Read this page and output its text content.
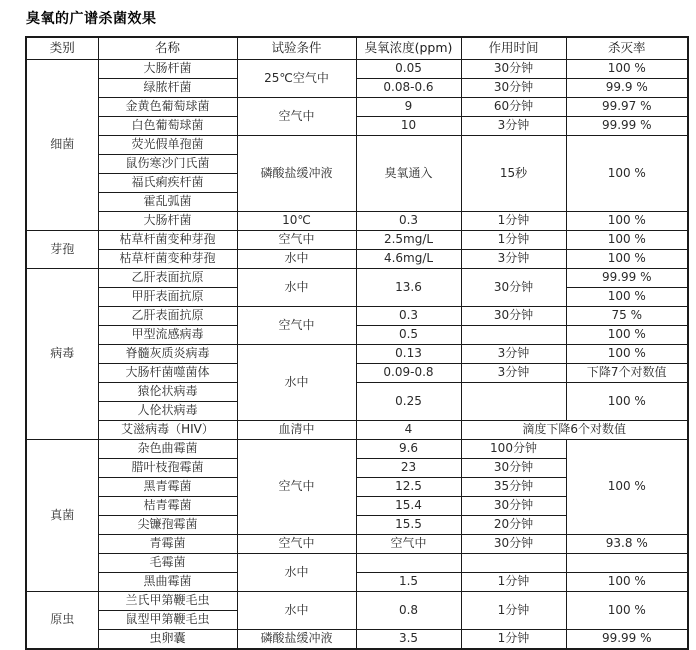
臭氧的广谱杀菌效果
类别	名称	试验条件	臭氧浓度(ppm)	作用时间	杀灭率
细菌	大肠杆菌	25℃空气中	0.05	30分钟	100 %
	绿脓杆菌		0.08-0.6	30分钟	99.9 %
	金黄色葡萄球菌	空气中	9	60分钟	99.97 %
	白色葡萄球菌		10	3分钟	99.99 %
	荧光假单孢菌	磷酸盐缓冲液	臭氧通入	15秒	100 %
	鼠伤寒沙门氏菌				
	福氏痢疾杆菌				
	霍乱弧菌				
	大肠杆菌	10℃	0.3	1分钟	100 %
芽孢	枯草杆菌变种芽孢	空气中	2.5mg/L	1分钟	100 %
	枯草杆菌变种芽孢	水中	4.6mg/L	3分钟	100 %
病毒	乙肝表面抗原	水中	13.6	30分钟	99.99 %
	甲肝表面抗原				100 %
	乙肝表面抗原	空气中	0.3	30分钟	75 %
	甲型流感病毒		0.5		100 %
	脊髓灰质炎病毒	水中	0.13	3分钟	100 %
	大肠杆菌噬菌体		0.09-0.8	3分钟	下降7个对数值
	猿伦状病毒		0.25		100 %
	人伦状病毒				
	艾滋病毒（HIV）	血清中	4	滴度下降6个对数值	
真菌	杂色曲霉菌	空气中	9.6	100分钟	100 %
	腊叶枝孢霉菌		23	30分钟	
	黑青霉菌		12.5	35分钟	
	桔青霉菌		15.4	30分钟	
	尖镰孢霉菌		15.5	20分钟	
	青霉菌	空气中	空气中	30分钟	93.8 %
	毛霉菌	水中			
	黑曲霉菌		1.5	1分钟	100 %
原虫	兰氏甲第鞭毛虫	水中	0.8	1分钟	100 %
	鼠型甲第鞭毛虫				
	虫卵囊	磷酸盐缓冲液	3.5	1分钟	99.99 %
